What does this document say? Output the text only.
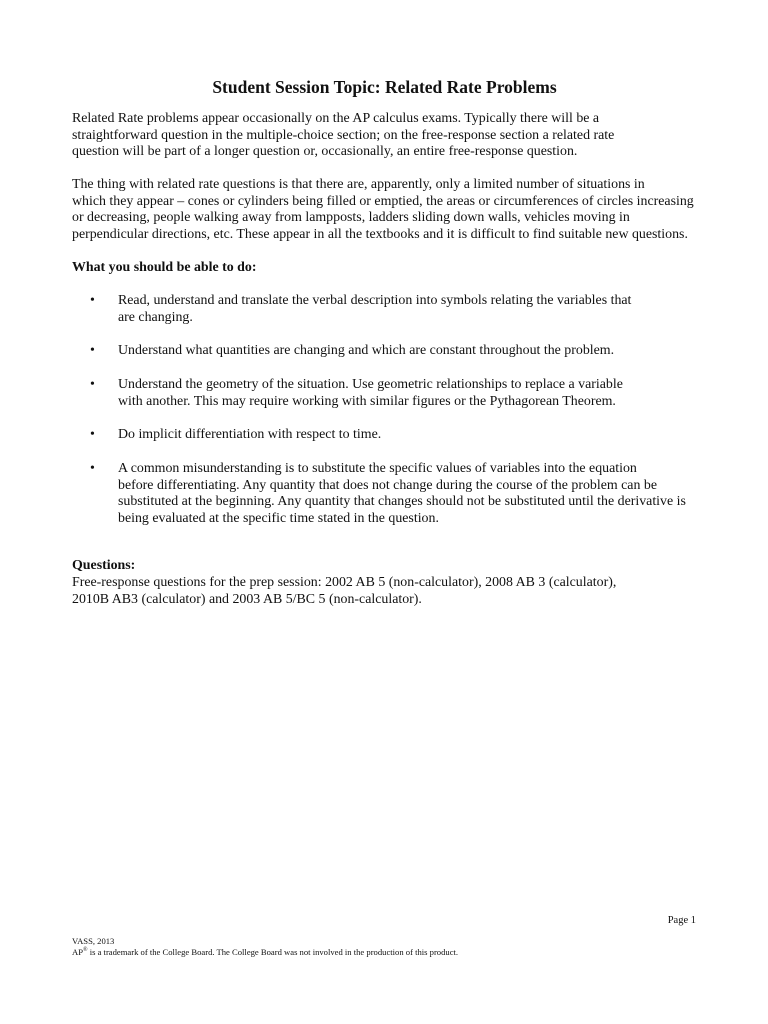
Student Session Topic: Related Rate Problems

Related Rate problems appear occasionally on the AP calculus exams. Typically there will be a
straightforward question in the multiple-choice section; on the free-response section a related rate
question will be part of a longer question or, occasionally, an entire free-response question.

The thing with related rate questions is that there are, apparently, only a limited number of situations in
which they appear – cones or cylinders being filled or emptied, the areas or circumferences of circles increasing
or decreasing, people walking away from lampposts, ladders sliding down walls, vehicles moving in
perpendicular directions, etc. These appear in all the textbooks and it is difficult to find suitable new questions.

What you should be able to do:

• Read, understand and translate the verbal description into symbols relating the variables that
are changing.
• Understand what quantities are changing and which are constant throughout the problem.
• Understand the geometry of the situation. Use geometric relationships to replace a variable
with another. This may require working with similar figures or the Pythagorean Theorem.
• Do implicit differentiation with respect to time.
• A common misunderstanding is to substitute the specific values of variables into the equation
before differentiating. Any quantity that does not change during the course of the problem can be
substituted at the beginning. Any quantity that changes should not be substituted until the derivative is
being evaluated at the specific time stated in the question.

Questions:

Free-response questions for the prep session: 2002 AB 5 (non-calculator), 2008 AB 3 (calculator),
2010B AB3 (calculator) and 2003 AB 5/BC 5 (non-calculator).

Page 1
VASS, 2013
AP® is a trademark of the College Board. The College Board was not involved in the production of this product.
